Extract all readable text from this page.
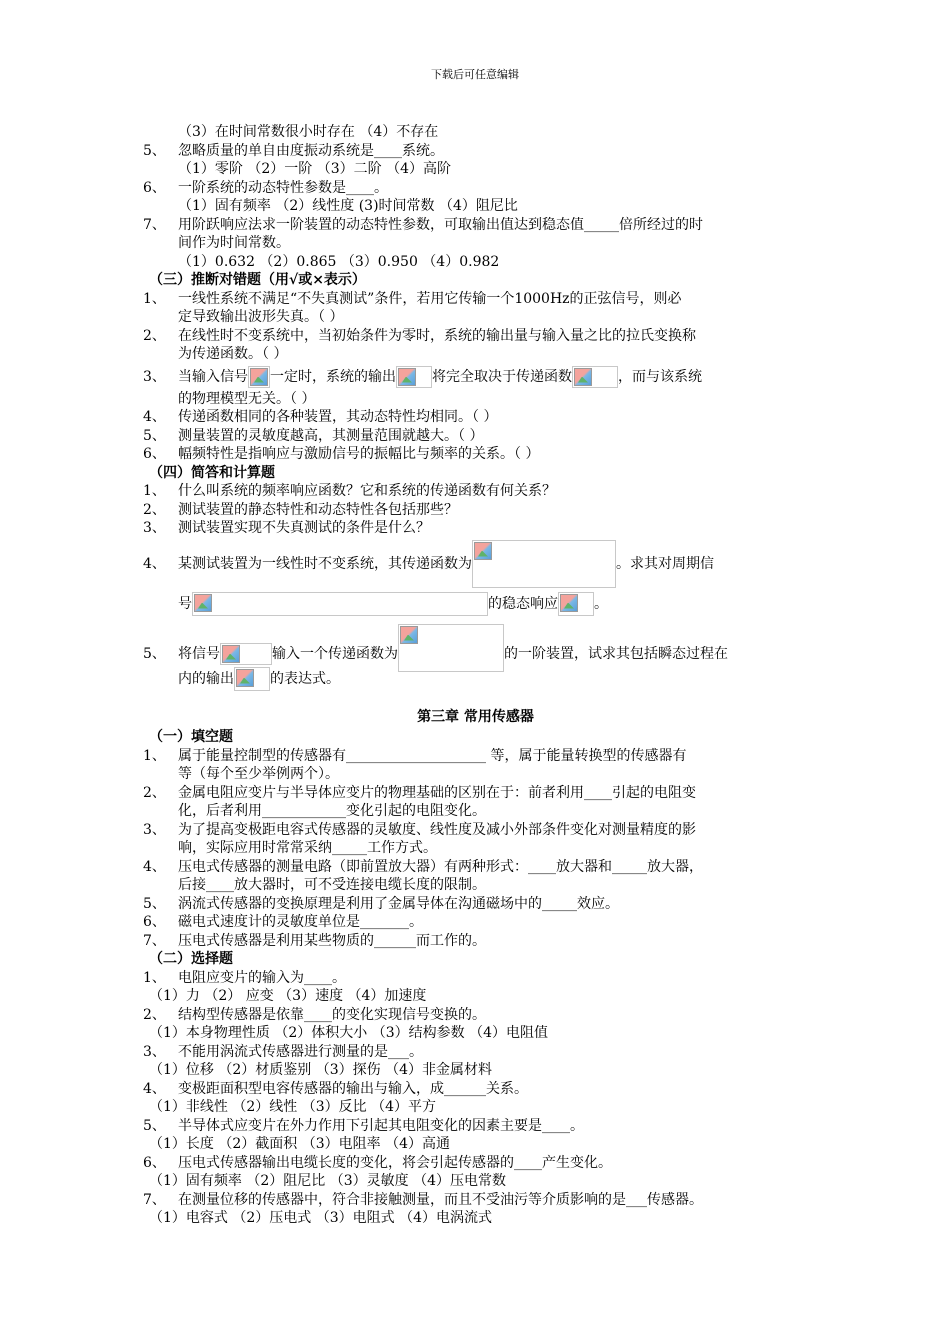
下载后可任意编辑
（3）在时间常数很小时存在 （4）不存在
5、 忽略质量的单自由度振动系统是____系统。
（1）零阶 （2）一阶 （3）二阶 （4）高阶
6、 一阶系统的动态特性参数是____。
（1）固有频率 （2）线性度 (3)时间常数 （4）阻尼比
7、 用阶跃响应法求一阶装置的动态特性参数，可取输出值达到稳态值_____倍所经过的时
间作为时间常数。
（1）0.632 （2）0.865 （3）0.950 （4）0.982
（三）推断对错题（用√或×表示）
1、 一线性系统不满足“不失真测试”条件，若用它传输一个1000Hz的正弦信号，则必
定导致输出波形失真。（ ）
2、 在线性时不变系统中，当初始条件为零时，系统的输出量与输入量之比的拉氏变换称
为传递函数。（ ）
3、 当输入信号 一定时，系统的输出	将完全取决于传递函数	，而与该系统
的物理模型无关。（ ）
4、 传递函数相同的各种装置，其动态特性均相同。（ ）
5、 测量装置的灵敏度越高，其测量范围就越大。（ ）
6、 幅频特性是指响应与激励信号的振幅比与频率的关系。（ ）
（四）简答和计算题
1、 什么叫系统的频率响应函数？它和系统的传递函数有何关系？
2、 测试装置的静态特性和动态特性各包括那些？
3、 测试装置实现不失真测试的条件是什么？
4、 某测试装置为一线性时不变系统，其传递函数为	。求其对周期信
号	的稳态响应	。
5、 将信号	输入一个传递函数为	的一阶装置，试求其包括瞬态过程在
内的输出	的表达式。
第三章 常用传感器
（一）填空题
1、 属于能量控制型的传感器有____________________ 等，属于能量转换型的传感器有
等（每个至少举例两个）。
2、 金属电阻应变片与半导体应变片的物理基础的区别在于：前者利用____引起的电阻变
化，后者利用____________变化引起的电阻变化。
3、 为了提高变极距电容式传感器的灵敏度、线性度及减小外部条件变化对测量精度的影
响，实际应用时常常采纳_____工作方式。
4、 压电式传感器的测量电路（即前置放大器）有两种形式：____放大器和_____放大器，
后接____放大器时，可不受连接电缆长度的限制。
5、 涡流式传感器的变换原理是利用了金属导体在沟通磁场中的_____效应。
6、 磁电式速度计的灵敏度单位是_______。
7、 压电式传感器是利用某些物质的______而工作的。
（二）选择题
1、 电阻应变片的输入为____。
（1）力 （2） 应变 （3）速度 （4）加速度
2、 结构型传感器是依靠____的变化实现信号变换的。
（1）本身物理性质 （2）体积大小 （3）结构参数 （4）电阻值
3、 不能用涡流式传感器进行测量的是___。
（1）位移 （2）材质鉴别 （3）探伤 （4）非金属材料
4、 变极距面积型电容传感器的输出与输入，成______关系。
（1）非线性 （2）线性 （3）反比 （4）平方
5、 半导体式应变片在外力作用下引起其电阻变化的因素主要是____。
（1）长度 （2）截面积 （3）电阻率 （4）高通
6、 压电式传感器输出电缆长度的变化，将会引起传感器的____产生变化。
（1）固有频率 （2）阻尼比 （3）灵敏度 （4）压电常数
7、 在测量位移的传感器中，符合非接触测量，而且不受油污等介质影响的是___传感器。
（1）电容式 （2）压电式 （3）电阻式 （4）电涡流式
